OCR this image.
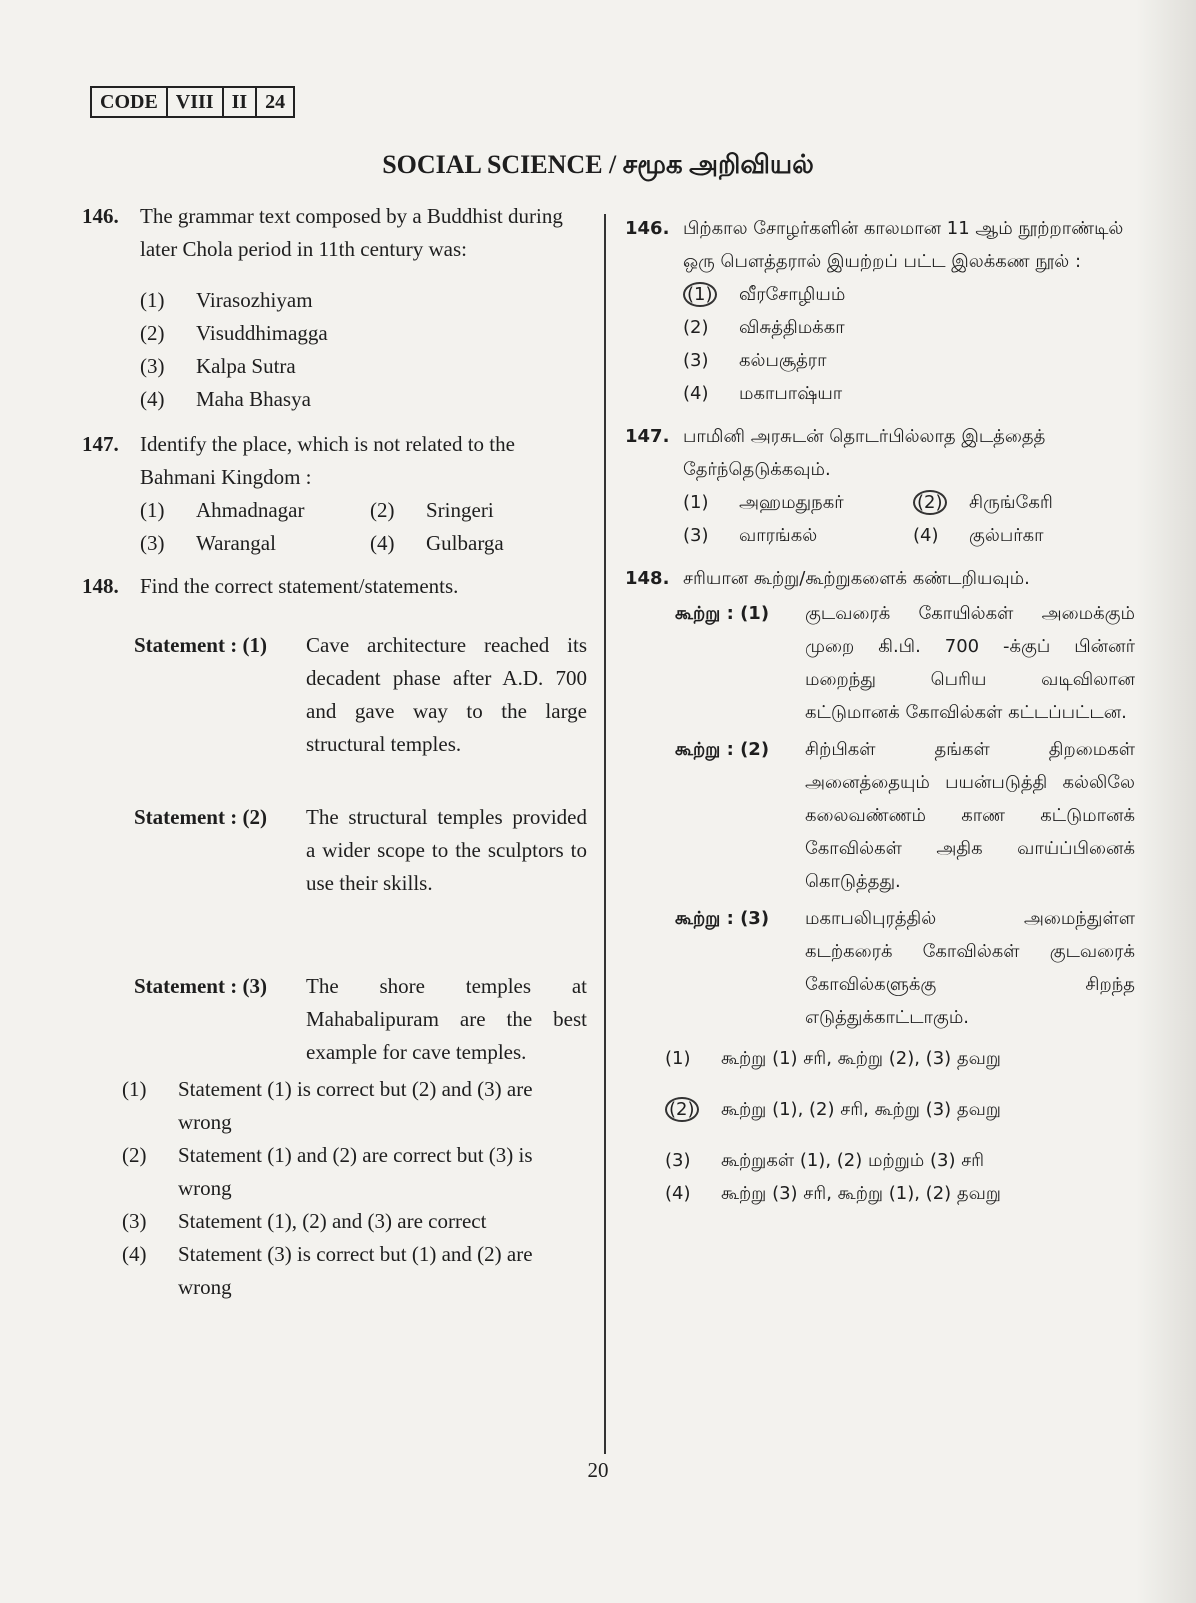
CODE VIII II 24
SOCIAL SCIENCE / சமூக அறிவியல்
146. The grammar text composed by a Buddhist during later Chola period in 11th century was:
(1)	Virasozhiyam
(2)	Visuddhimagga
(3)	Kalpa Sutra
(4)	Maha Bhasya
147. Identify the place, which is not related to the Bahmani Kingdom :
(1)	Ahmadnagar	(2)	Sringeri
(3)	Warangal	(4)	Gulbarga
148. Find the correct statement/statements.
Statement : (1)	Cave architecture reached its decadent phase after A.D. 700 and gave way to the large structural temples.
Statement : (2)	The structural temples provided a wider scope to the sculptors to use their skills.
Statement : (3)	The shore temples at Mahabalipuram are the best example for cave temples.
(1)	Statement (1) is correct but (2) and (3) are wrong
(2)	Statement (1) and (2) are correct but (3) is wrong
(3)	Statement (1), (2) and (3) are correct
(4)	Statement (3) is correct but (1) and (2) are wrong
146. பிற்கால சோழர்களின் காலமான 11 ஆம் நூற்றாண்டில் ஒரு பௌத்தரால் இயற்றப் பட்ட இலக்கண நூல் :
(1)	வீரசோழியம்
(2)	விசுத்திமக்கா
(3)	கல்பசூத்ரா
(4)	மகாபாஷ்யா
147. பாமினி அரசுடன் தொடர்பில்லாத இடத்தைத் தேர்ந்தெடுக்கவும்.
(1)	அஹமதுநகர்	(2)	சிருங்கேரி
(3)	வாரங்கல்	(4)	குல்பர்கா
148. சரியான கூற்று/கூற்றுகளைக் கண்டறியவும்.
கூற்று : (1)	குடவரைக் கோயில்கள் அமைக்கும் முறை கி.பி. 700 -க்குப் பின்னர் மறைந்து பெரிய வடிவிலான கட்டுமானக் கோவில்கள் கட்டப்பட்டன.
கூற்று : (2)	சிற்பிகள் தங்கள் திறமைகள் அனைத்தையும் பயன்படுத்தி கல்லிலே கலைவண்ணம் காண கட்டுமானக் கோவில்கள் அதிக வாய்ப்பினைக் கொடுத்தது.
கூற்று : (3)	மகாபலிபுரத்தில் அமைந்துள்ள கடற்கரைக் கோவில்கள் குடவரைக் கோவில்களுக்கு சிறந்த எடுத்துக்காட்டாகும்.
(1)	கூற்று (1) சரி, கூற்று (2), (3) தவறு
(2)	கூற்று (1), (2) சரி, கூற்று (3) தவறு
(3)	கூற்றுகள் (1), (2) மற்றும் (3) சரி
(4)	கூற்று (3) சரி, கூற்று (1), (2) தவறு
20
